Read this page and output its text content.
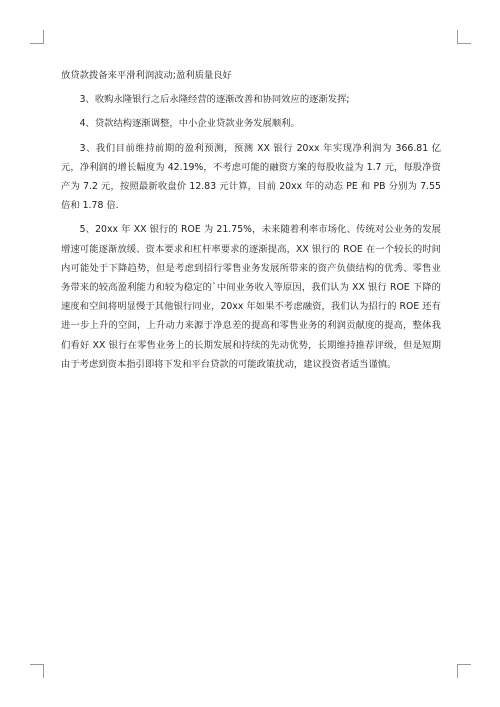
放贷款拨备来平滑利润波动;盈利质量良好

3、收购永隆银行之后永隆经营的逐渐改善和协同效应的逐渐发挥;

4、贷款结构逐渐调整，中小企业贷款业务发展顺利。

3、我们目前维持前期的盈利预测，预测 XX 银行 20xx 年实现净利润为 366.81 亿元，净利润的增长幅度为 42.19%，不考虑可能的融资方案的每股收益为 1.7 元，每股净资产为 7.2 元，按照最新收盘价 12.83 元计算，目前 20xx 年的动态 PE 和 PB 分别为 7.55 倍和 1.78 倍.

5、20xx 年 XX 银行的 ROE 为 21.75%，未来随着利率市场化、传统对公业务的发展增速可能逐渐放缓、资本要求和杠杆率要求的逐渐提高，XX 银行的 ROE 在一个较长的时间内可能处于下降趋势，但是考虑到招行零售业务发展所带来的资产负债结构的优秀、零售业务带来的较高盈利能力和较为稳定的`中间业务收入等原因，我们认为 XX 银行 ROE 下降的速度和空间将明显慢于其他银行同业，20xx 年如果不考虑融资，我们认为招行的 ROE 还有进一步上升的空间，上升动力来源于净息差的提高和零售业务的利润贡献度的提高，整体我们看好 XX 银行在零售业务上的长期发展和持续的先动优势，长期维持推荐评级，但是短期由于考虑到资本指引即将下发和平台贷款的可能政策扰动，建议投资者适当谨慎。
